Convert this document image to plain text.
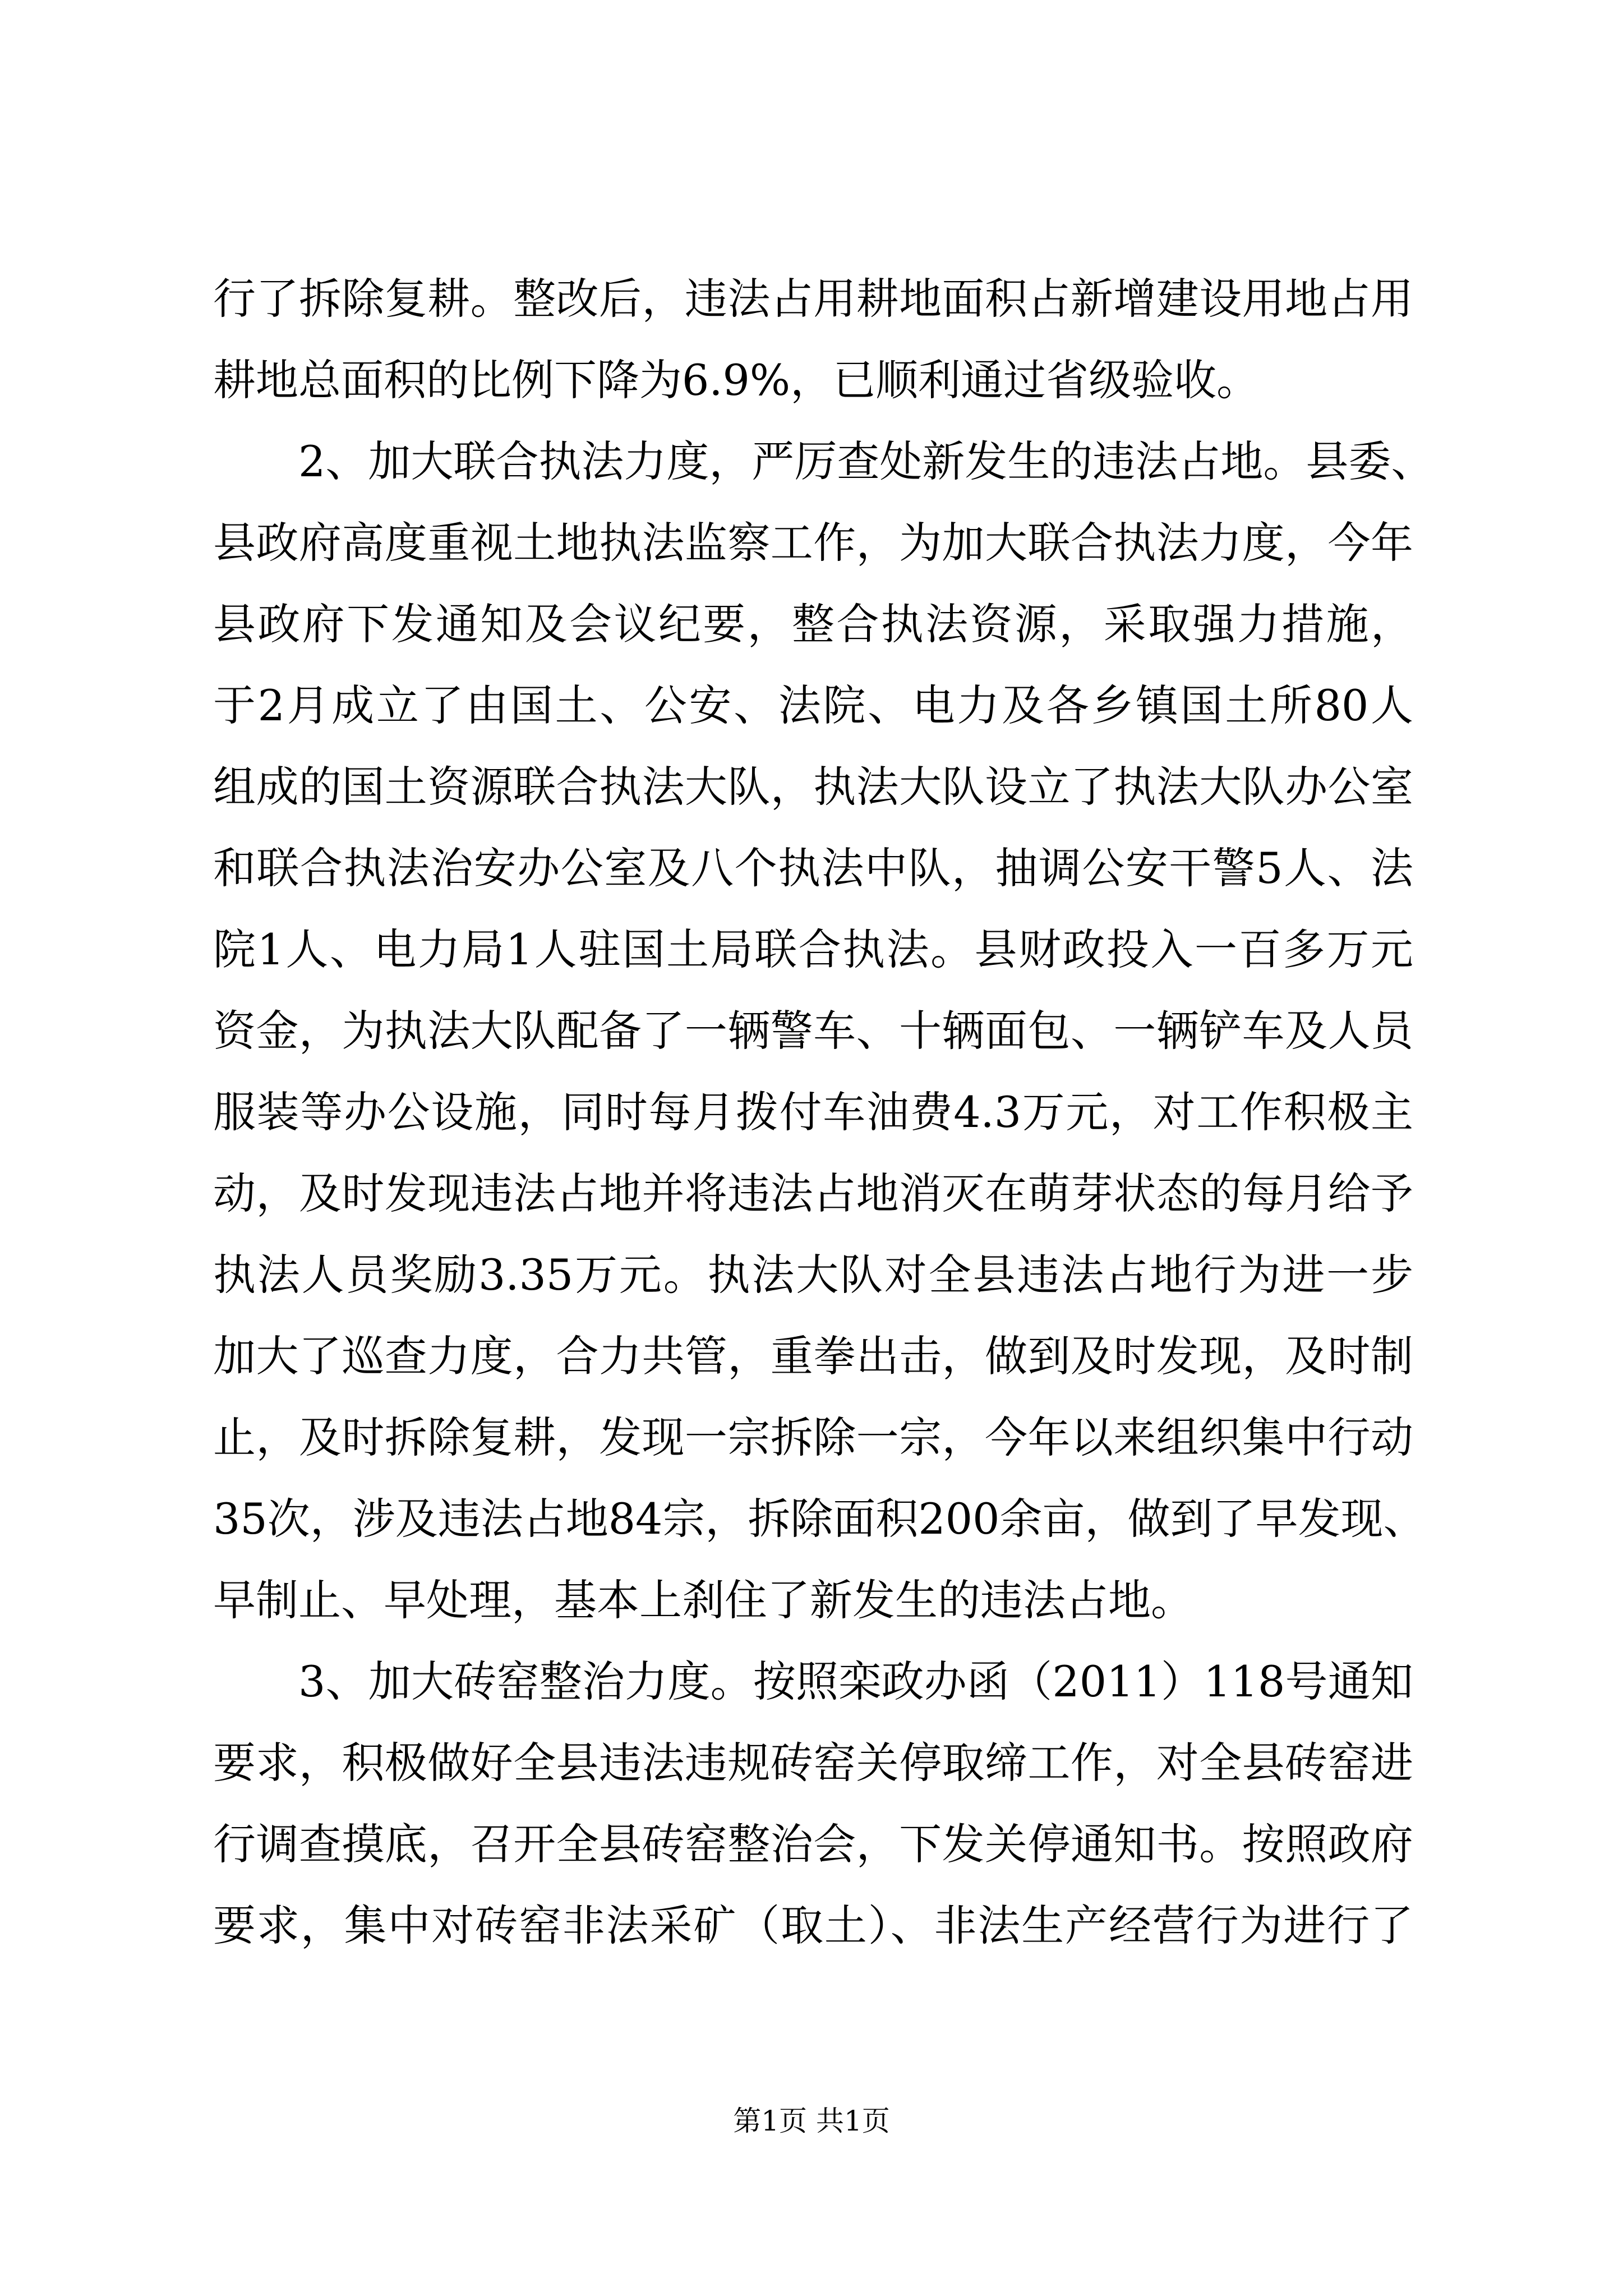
行了拆除复耕。整改后，违法占用耕地面积占新增建设用地占用
耕地总面积的比例下降为6.9%，已顺利通过省级验收。
2、加大联合执法力度，严厉查处新发生的违法占地。县委、
县政府高度重视土地执法监察工作，为加大联合执法力度，今年
县政府下发通知及会议纪要，整合执法资源，采取强力措施，
于2月成立了由国土、公安、法院、电力及各乡镇国土所80人
组成的国土资源联合执法大队，执法大队设立了执法大队办公室
和联合执法治安办公室及八个执法中队，抽调公安干警5人、法
院1人、电力局1人驻国土局联合执法。县财政投入一百多万元
资金，为执法大队配备了一辆警车、十辆面包、一辆铲车及人员
服装等办公设施，同时每月拨付车油费4.3万元，对工作积极主
动，及时发现违法占地并将违法占地消灭在萌芽状态的每月给予
执法人员奖励3.35万元。执法大队对全县违法占地行为进一步
加大了巡查力度，合力共管，重拳出击，做到及时发现，及时制
止，及时拆除复耕，发现一宗拆除一宗，今年以来组织集中行动
35次，涉及违法占地84宗，拆除面积200余亩，做到了早发现、
早制止、早处理，基本上刹住了新发生的违法占地。
3、加大砖窑整治力度。按照栾政办函（2011）118号通知
要求，积极做好全县违法违规砖窑关停取缔工作，对全县砖窑进
行调查摸底，召开全县砖窑整治会，下发关停通知书。按照政府
要求，集中对砖窑非法采矿（取土）、非法生产经营行为进行了
第1页 共1页
